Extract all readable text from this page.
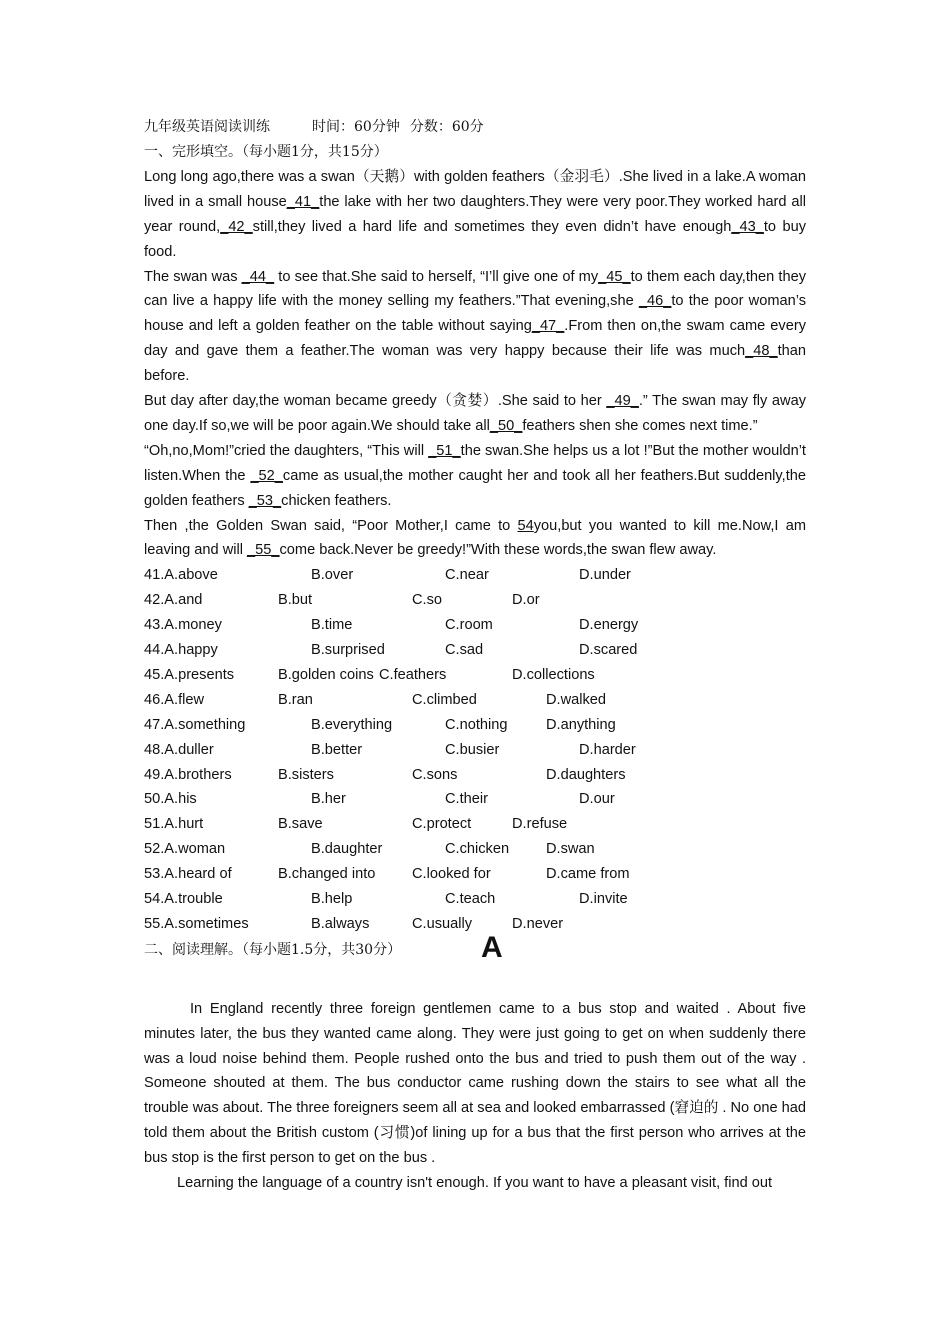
九年级英语阅读训练	时间：60分钟 分数：60分
一、完形填空。（每小题1分，共15分）

Long long ago,there was a swan（天鹅）with golden feathers（金羽毛）.She lived in a lake.A woman lived in a small house_41_the lake with her two daughters.They were very poor.They worked hard all year round,_42_still,they lived a hard life and sometimes they even didn’t have enough_43_to buy food.

The swan was _44_ to see that.She said to herself, “I’ll give one of my_45_to them each day,then they can live a happy life with the money selling my feathers.”That evening,she _46_to the poor woman’s house and left a golden feather on the table without saying_47_.From then on,the swam came every day and gave them a feather.The woman was very happy because their life was much_48_than before.

But day after day,the woman became greedy（贪婪）.She said to her _49_.” The swan may fly away one day.If so,we will be poor again.We should take all_50_feathers shen she comes next time.”

“Oh,no,Mom!”cried the daughters, “This will _51_the swan.She helps us a lot !”But the mother wouldn’t listen.When the _52_came as usual,the mother caught her and took all her feathers.But suddenly,the golden feathers _53_chicken feathers.

Then ,the Golden Swan said, “Poor Mother,I came to 54you,but you wanted to kill me.Now,I am leaving and will _55_come back.Never be greedy!”With these words,the swan flew away.

41.A.above	B.over	C.near	D.under
42.A.and	B.but	C.so	D.or
43.A.money	B.time	C.room	D.energy
44.A.happy	B.surprised	C.sad	D.scared
45.A.presents	B.golden coins C.feathers	D.collections
46.A.flew	B.ran	C.climbed	D.walked
47.A.something	B.everything	C.nothing	D.anything
48.A.duller	B.better	C.busier	D.harder
49.A.brothers	B.sisters	C.sons	D.daughters
50.A.his	B.her	C.their	D.our
51.A.hurt	B.save	C.protect	D.refuse
52.A.woman	B.daughter	C.chicken	D.swan
53.A.heard of	B.changed into	C.looked for	D.came from
54.A.trouble	B.help	C.teach	D.invite
55.A.sometimes	B.always	C.usually	D.never
二、阅读理解。（每小题1.5分，共30分）	A

In England recently three foreign gentlemen came to a bus stop and waited . About five minutes later, the bus they wanted came along. They were just going to get on when suddenly there was a loud noise behind them. People rushed onto the bus and tried to push them out of the way . Someone shouted at them. The bus conductor came rushing down the stairs to see what all the trouble was about. The three foreigners seem all at sea and looked embarrassed (窘迫的 . No one had told them about the British custom (习惯)of lining up for a bus that the first person who arrives at the bus stop is the first person to get on the bus .

Learning the language of a country isn't enough. If you want to have a pleasant visit, find out
